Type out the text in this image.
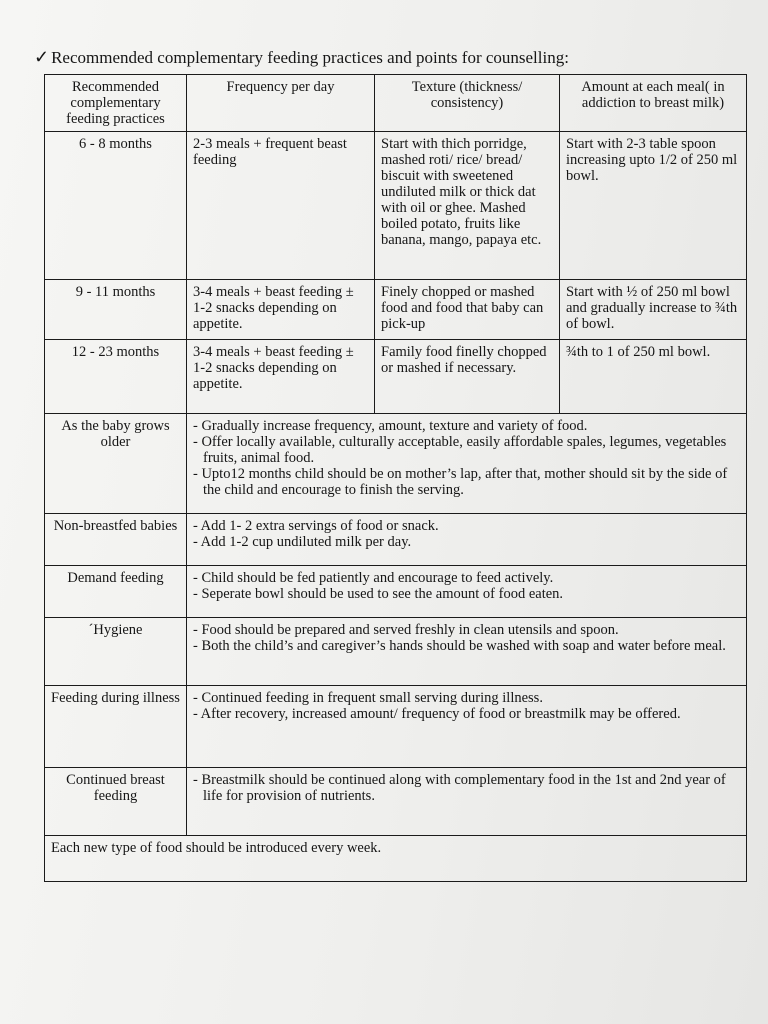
✓ Recommended complementary feeding practices and points for counselling:
Recommended complementary feeding practices	Frequency per day	Texture (thickness/ consistency)	Amount at each meal( in addiction to breast milk)
6 - 8 months	2-3 meals + frequent beast feeding	Start with thich porridge, mashed roti/ rice/ bread/ biscuit with sweetened undiluted milk or thick dat with oil or ghee. Mashed boiled potato, fruits like banana, mango, papaya etc.	Start with 2-3 table spoon increasing upto 1/2 of 250 ml bowl.
9 - 11 months	3-4 meals + beast feeding ± 1-2 snacks depending on appetite.	Finely chopped or mashed food and food that baby can pick-up	Start with ½ of 250 ml bowl and gradually increase to ¾th of bowl.
12 - 23 months	3-4 meals + beast feeding ± 1-2 snacks depending on appetite.	Family food finelly chopped or mashed if necessary.	¾th to 1 of 250 ml bowl.
As the baby grows older	- Gradually increase frequency, amount, texture and variety of food.

- Offer locally available, culturally acceptable, easily affordable spales, legumes, vegetables fruits, animal food.

- Upto12 months child should be on mother’s lap, after that, mother should sit by the side of the child and encourage to finish the serving.		

Non-breastfed babies	- Add 1- 2 extra servings of food or snack.

- Add 1-2 cup undiluted milk per day.		

Demand feeding	- Child should be fed patiently and encourage to feed actively.

- Seperate bowl should be used to see the amount of food eaten.		

´Hygiene	- Food should be prepared and served freshly in clean utensils and spoon.

- Both the child’s and caregiver’s hands should be washed with soap and water before meal.		

Feeding during illness	- Continued feeding in frequent small serving during illness.

- After recovery, increased amount/ frequency of food or breastmilk may be offered.		

Continued breast feeding	- Breastmilk should be continued along with complementary food in the 1st and 2nd year of life for provision of nutrients.		

Each new type of food should be introduced every week.			
